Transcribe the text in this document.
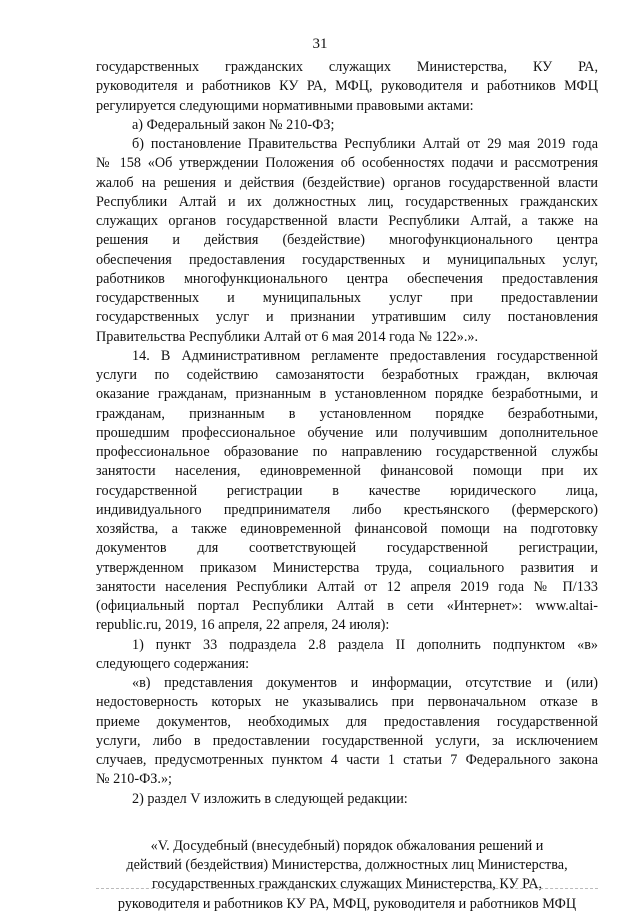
31
государственных гражданских служащих Министерства, КУ РА,
руководителя и работников КУ РА, МФЦ, руководителя и работников МФЦ
регулируется следующими нормативными правовыми актами:
а) Федеральный закон № 210-ФЗ;
б) постановление Правительства Республики Алтай от 29 мая 2019 года
№ 158 «Об утверждении Положения об особенностях подачи и рассмотрения
жалоб на решения и действия (бездействие) органов государственной власти
Республики Алтай и их должностных лиц, государственных гражданских
служащих органов государственной власти Республики Алтай, а также на
решения и действия (бездействие) многофункционального центра
обеспечения предоставления государственных и муниципальных услуг,
работников многофункционального центра обеспечения предоставления
государственных и муниципальных услуг при предоставлении
государственных услуг и признании утратившим силу постановления
Правительства Республики Алтай от 6 мая 2014 года № 122».».
14. В Административном регламенте предоставления государственной
услуги по содействию самозанятости безработных граждан, включая
оказание гражданам, признанным в установленном порядке безработными, и
гражданам, признанным в установленном порядке безработными,
прошедшим профессиональное обучение или получившим дополнительное
профессиональное образование по направлению государственной службы
занятости населения, единовременной финансовой помощи при их
государственной регистрации в качестве юридического лица,
индивидуального предпринимателя либо крестьянского (фермерского)
хозяйства, а также единовременной финансовой помощи на подготовку
документов для соответствующей государственной регистрации,
утвержденном приказом Министерства труда, социального развития и
занятости населения Республики Алтай от 12 апреля 2019 года № П/133
(официальный портал Республики Алтай в сети «Интернет»: www.altai-
republic.ru, 2019, 16 апреля, 22 апреля, 24 июля):
1) пункт 33 подраздела 2.8 раздела II дополнить подпунктом «в»
следующего содержания:
«в) представления документов и информации, отсутствие и (или)
недостоверность которых не указывались при первоначальном отказе в
приеме документов, необходимых для предоставления государственной
услуги, либо в предоставлении государственной услуги, за исключением
случаев, предусмотренных пунктом 4 части 1 статьи 7 Федерального закона
№ 210-ФЗ.»;
2) раздел V изложить в следующей редакции:
«V. Досудебный (внесудебный) порядок обжалования решений и
действий (бездействия) Министерства, должностных лиц Министерства,
государственных гражданских служащих Министерства, КУ РА,
руководителя и работников КУ РА, МФЦ, руководителя и работников МФЦ
